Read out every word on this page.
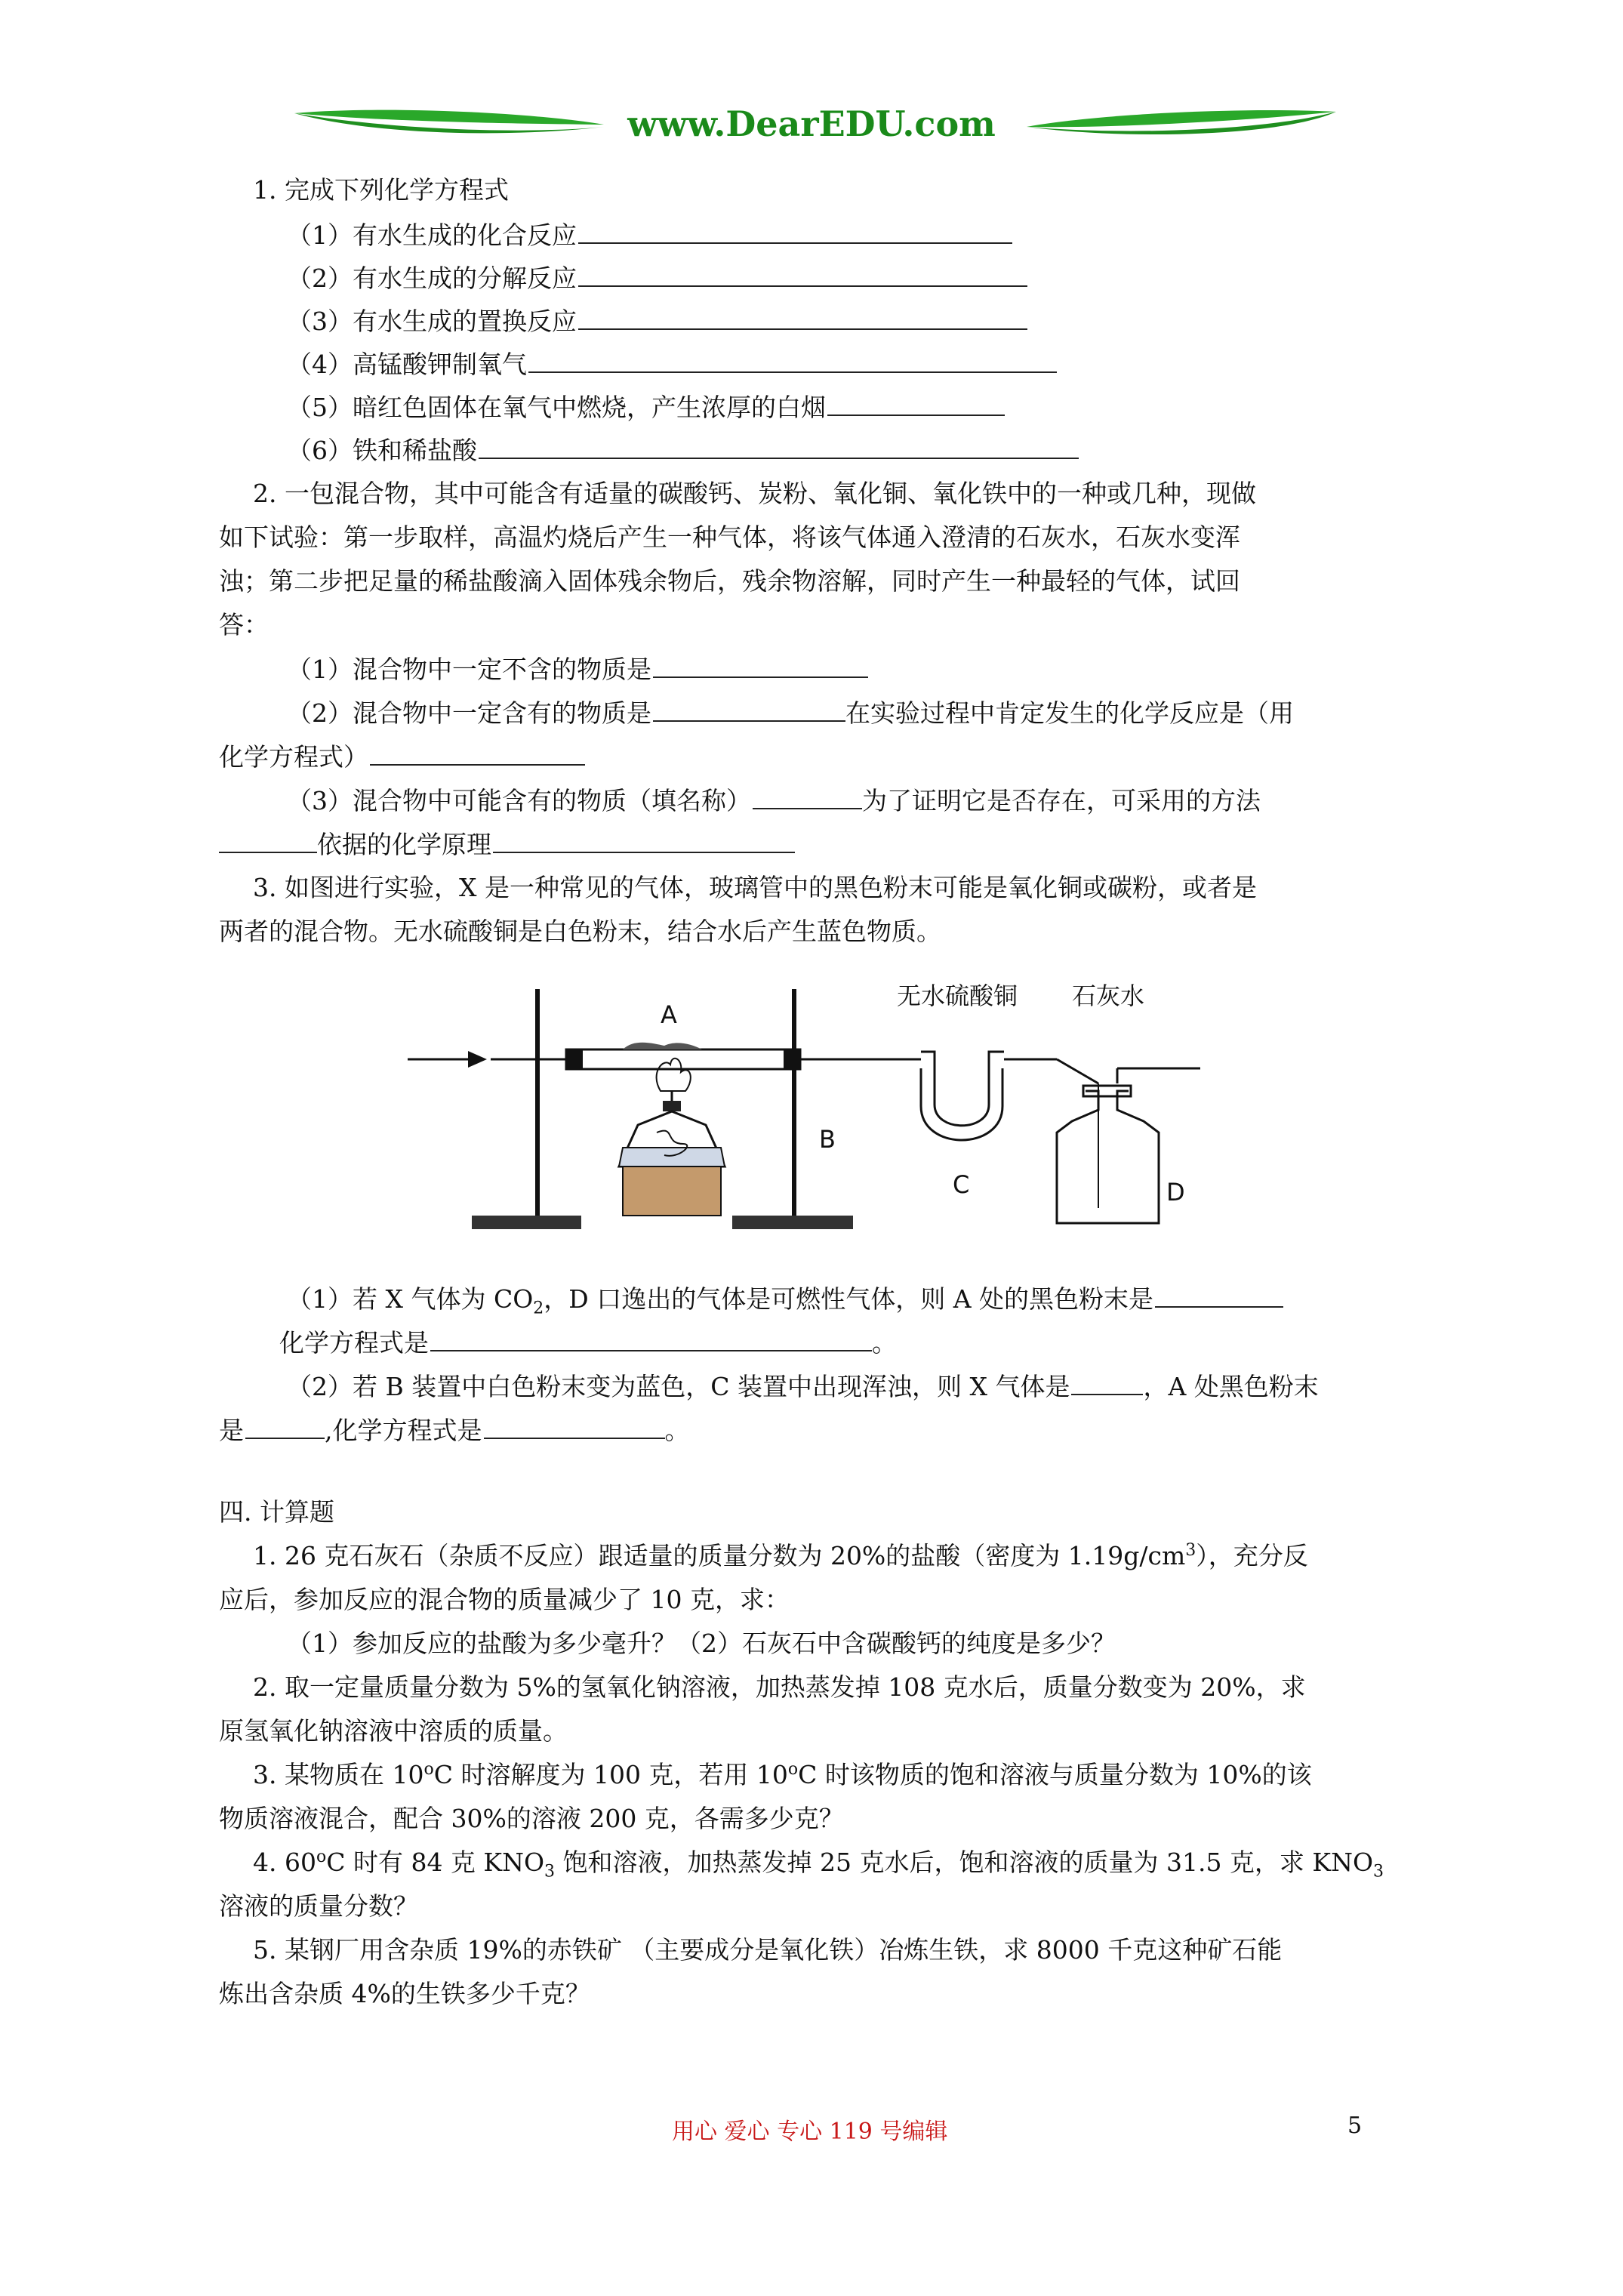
www.DearEDU.com
1. 完成下列化学方程式
（1）有水生成的化合反应
（2）有水生成的分解反应
（3）有水生成的置换反应
（4）高锰酸钾制氧气
（5）暗红色固体在氧气中燃烧，产生浓厚的白烟
（6）铁和稀盐酸
2. 一包混合物，其中可能含有适量的碳酸钙、炭粉、氧化铜、氧化铁中的一种或几种，现做
如下试验：第一步取样，高温灼烧后产生一种气体，将该气体通入澄清的石灰水，石灰水变浑
浊；第二步把足量的稀盐酸滴入固体残余物后，残余物溶解，同时产生一种最轻的气体，试回
答：
（1）混合物中一定不含的物质是
（2）混合物中一定含有的物质是	在实验过程中肯定发生的化学反应是（用
化学方程式）
（3）混合物中可能含有的物质（填名称）	为了证明它是否存在，可采用的方法
依据的化学原理
3. 如图进行实验，X 是一种常见的气体，玻璃管中的黑色粉末可能是氧化铜或碳粉，或者是
两者的混合物。无水硫酸铜是白色粉末，结合水后产生蓝色物质。
A
B
C	D
无水硫酸铜 石灰水
（1）若 X 气体为 $CO_2$，D 口逸出的气体是可燃性气体，则 A 处的黑色粉末是
化学方程式是	。
（2）若 B 装置中白色粉末变为蓝色，C 装置中出现浑浊，则 X 气体是	，A 处黑色粉末
是	,化学方程式是	。
四. 计算题
1. 26 克石灰石（杂质不反应）跟适量的质量分数为 20%的盐酸（密度为 $1.19g/cm^3$），充分反
应后，参加反应的混合物的质量减少了 10 克，求：
（1）参加反应的盐酸为多少毫升？（2）石灰石中含碳酸钙的纯度是多少？
2. 取一定量质量分数为 5%的氢氧化钠溶液，加热蒸发掉 108 克水后，质量分数变为 20%，求
原氢氧化钠溶液中溶质的质量。
3. 某物质在 10$^o$C 时溶解度为 100 克，若用 10$^o$C 时该物质的饱和溶液与质量分数为 10%的该
物质溶液混合，配合 30%的溶液 200 克，各需多少克？
4. 60$^o$C 时有 84 克 $KNO_3$ 饱和溶液，加热蒸发掉 25 克水后，饱和溶液的质量为 31.5 克，求 $KNO_3$
溶液的质量分数？
5. 某钢厂用含杂质 19%的赤铁矿 （主要成分是氧化铁）冶炼生铁，求 8000 千克这种矿石能
炼出含杂质 4%的生铁多少千克？
用心 爱心 专心 119 号编辑	5
